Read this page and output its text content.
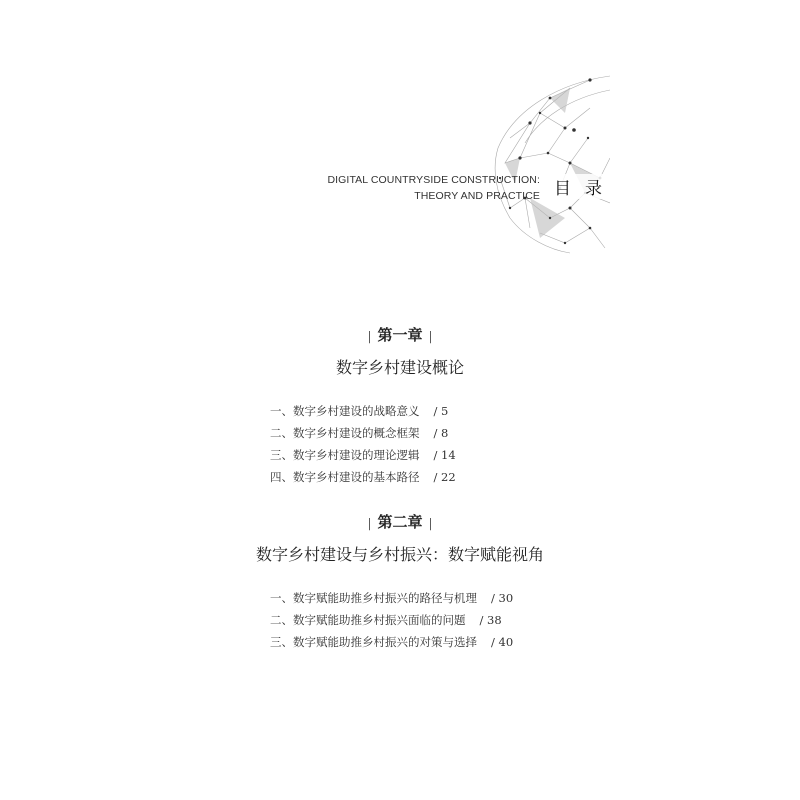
DIGITAL COUNTRYSIDE CONSTRUCTION:
THEORY AND PRACTICE 目录
| 第一章 |
数字乡村建设概论
一、数字乡村建设的战略意义 / 5
二、数字乡村建设的概念框架 / 8
三、数字乡村建设的理论逻辑 / 14
四、数字乡村建设的基本路径 / 22
| 第二章 |
数字乡村建设与乡村振兴：数字赋能视角
一、数字赋能助推乡村振兴的路径与机理 / 30
二、数字赋能助推乡村振兴面临的问题 / 38
三、数字赋能助推乡村振兴的对策与选择 / 40
